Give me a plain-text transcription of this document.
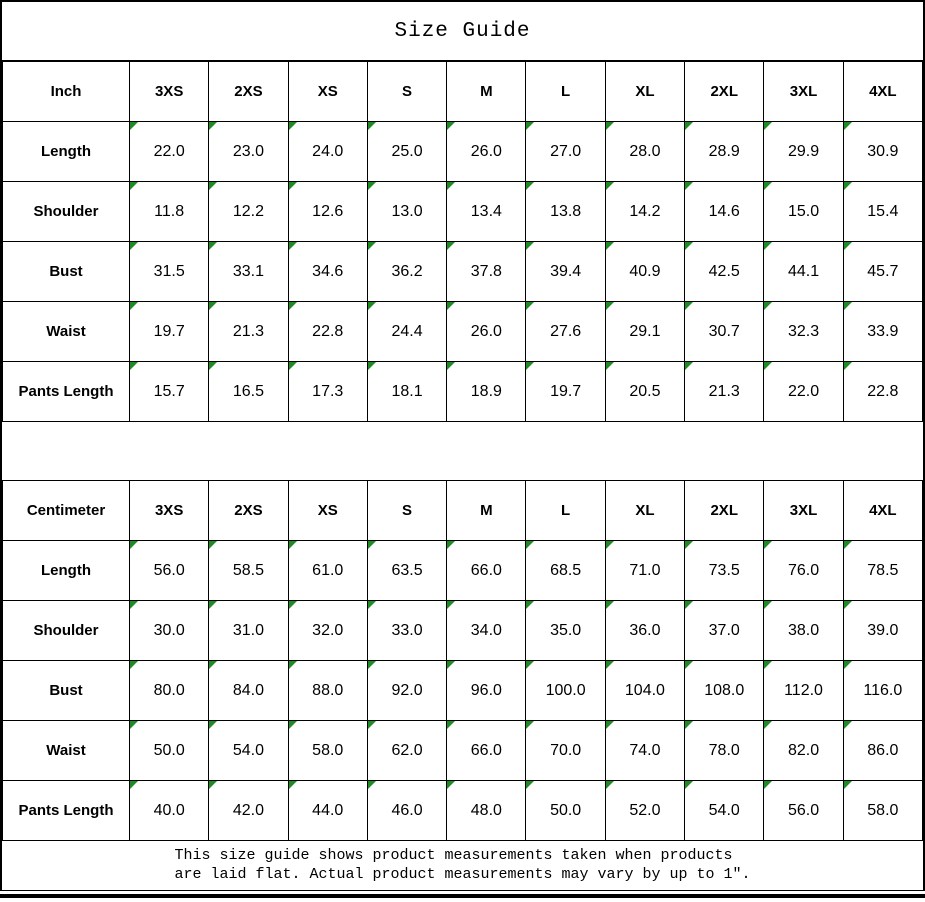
Size Guide
Inch	3XS	2XS	XS	S	M	L	XL	2XL	3XL	4XL
Length	22.0	23.0	24.0	25.0	26.0	27.0	28.0	28.9	29.9	30.9
Shoulder	11.8	12.2	12.6	13.0	13.4	13.8	14.2	14.6	15.0	15.4
Bust	31.5	33.1	34.6	36.2	37.8	39.4	40.9	42.5	44.1	45.7
Waist	19.7	21.3	22.8	24.4	26.0	27.6	29.1	30.7	32.3	33.9
Pants Length	15.7	16.5	17.3	18.1	18.9	19.7	20.5	21.3	22.0	22.8
Centimeter	3XS	2XS	XS	S	M	L	XL	2XL	3XL	4XL
Length	56.0	58.5	61.0	63.5	66.0	68.5	71.0	73.5	76.0	78.5
Shoulder	30.0	31.0	32.0	33.0	34.0	35.0	36.0	37.0	38.0	39.0
Bust	80.0	84.0	88.0	92.0	96.0	100.0	104.0	108.0	112.0	116.0
Waist	50.0	54.0	58.0	62.0	66.0	70.0	74.0	78.0	82.0	86.0
Pants Length	40.0	42.0	44.0	46.0	48.0	50.0	52.0	54.0	56.0	58.0
This size guide shows product measurements taken when products
are laid flat. Actual product measurements may vary by up to 1″.
